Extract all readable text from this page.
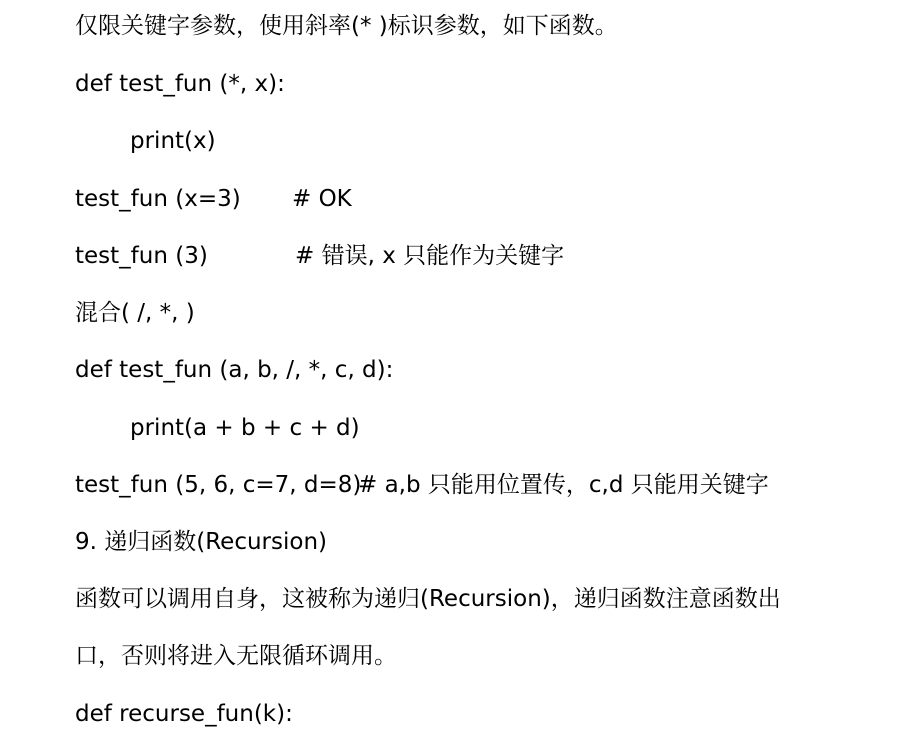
仅限关键字参数，使用斜率(* )标识参数，如下函数。
def test_fun (*, x):
print(x)
test_fun (x=3) # OK
test_fun (3)	# 错误, x 只能作为关键字
混合( /, *, )
def test_fun (a, b, /, *, c, d):
print(a + b + c + d)
test_fun (5, 6, c=7, d=8)
# a,b 只能用位置传，c,d 只能用关键字
9. 递归函数(Recursion)
函数可以调用自身，这被称为递归(Recursion)，递归函数注意函数出
口，否则将进入无限循环调用。
def recurse_fun(k):
